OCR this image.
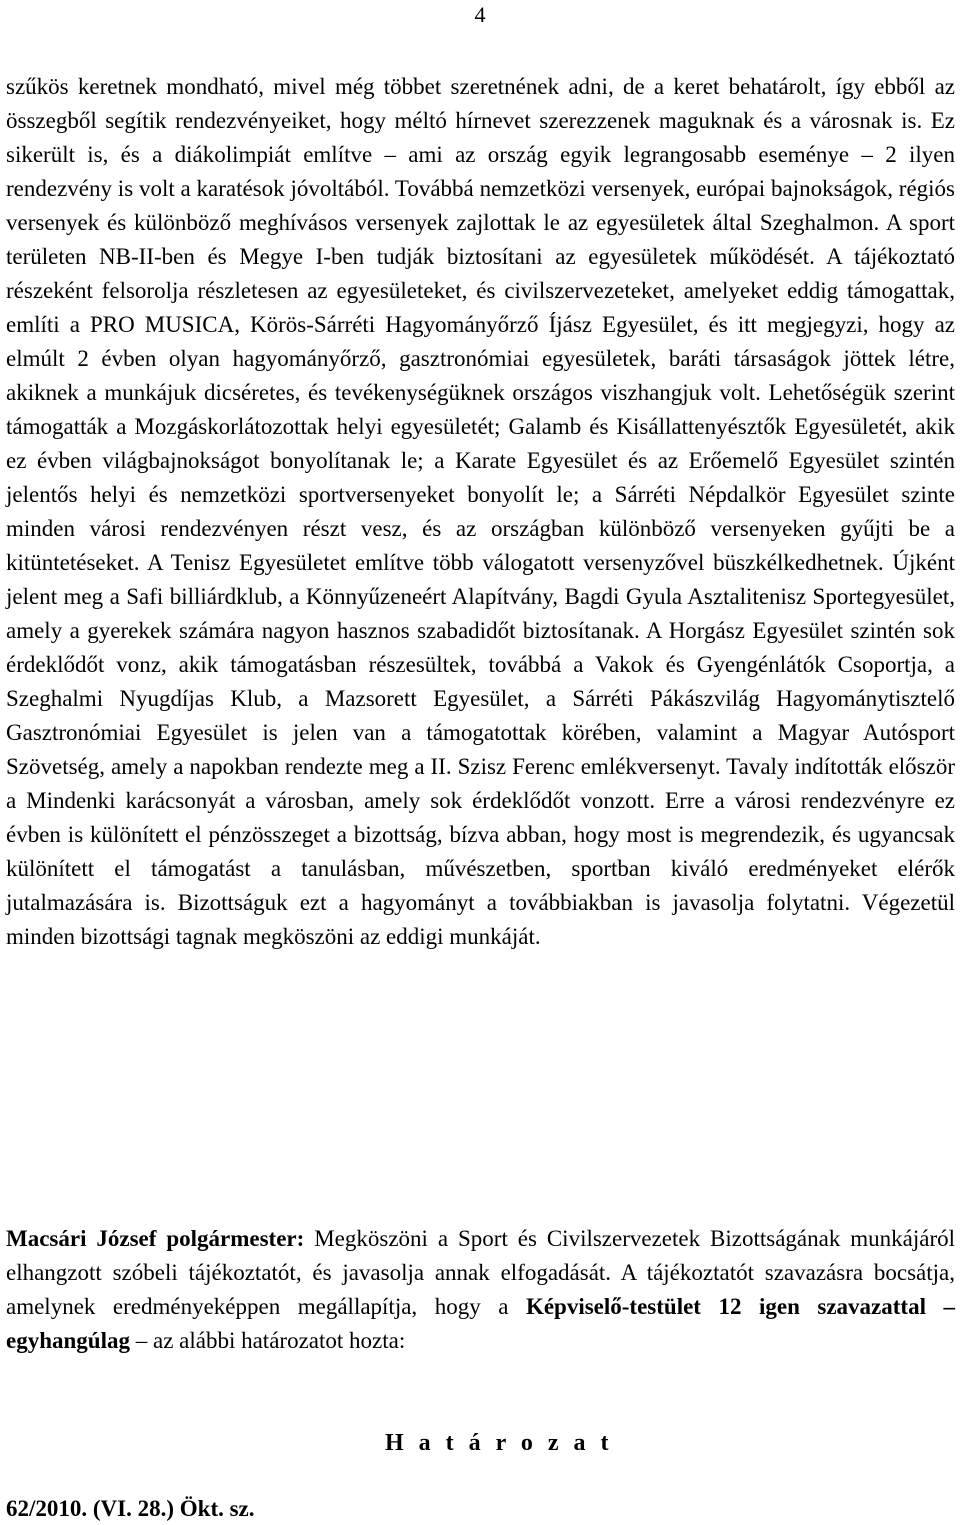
4

szűkös keretnek mondható, mivel még többet szeretnének adni, de a keret behatárolt, így ebből az összegből segítik rendezvényeiket, hogy méltó hírnevet szerezzenek maguknak és a városnak is. Ez sikerült is, és a diákolimpiát említve – ami az ország egyik legrangosabb eseménye – 2 ilyen rendezvény is volt a karatésok jóvoltából. Továbbá nemzetközi versenyek, európai bajnokságok, régiós versenyek és különböző meghívásos versenyek zajlottak le az egyesületek által Szeghalmon. A sport területen NB-II-ben és Megye I-ben tudják biztosítani az egyesületek működését. A tájékoztató részeként felsorolja részletesen az egyesületeket, és civilszervezeteket, amelyeket eddig támogattak, említi a PRO MUSICA, Körös-Sárréti Hagyományőrző Íjász Egyesület, és itt megjegyzi, hogy az elmúlt 2 évben olyan hagyományőrző, gasztronómiai egyesületek, baráti társaságok jöttek létre, akiknek a munkájuk dicséretes, és tevékenységüknek országos viszhangjuk volt. Lehetőségük szerint támogatták a Mozgáskorlátozottak helyi egyesületét; Galamb és Kisállattenyésztők Egyesületét, akik ez évben világbajnokságot bonyolítanak le; a Karate Egyesület és az Erőemelő Egyesület szintén jelentős helyi és nemzetközi sportversenyeket bonyolít le; a Sárréti Népdalkör Egyesület szinte minden városi rendezvényen részt vesz, és az országban különböző versenyeken gyűjti be a kitüntetéseket. A Tenisz Egyesületet említve több válogatott versenyzővel büszkélkedhetnek. Újként jelent meg a Safi billiárdklub, a Könnyűzeneért Alapítvány, Bagdi Gyula Asztalitenisz Sportegyesület, amely a gyerekek számára nagyon hasznos szabadidőt biztosítanak. A Horgász Egyesület szintén sok érdeklődőt vonz, akik támogatásban részesültek, továbbá a Vakok és Gyengénlátók Csoportja, a Szeghalmi Nyugdíjas Klub, a Mazsorett Egyesület, a Sárréti Pákászvilág Hagyománytisztelő Gasztronómiai Egyesület is jelen van a támogatottak körében, valamint a Magyar Autósport Szövetség, amely a napokban rendezte meg a II. Szisz Ferenc emlékversenyt. Tavaly indították először a Mindenki karácsonyát a városban, amely sok érdeklődőt vonzott. Erre a városi rendezvényre ez évben is különített el pénzösszeget a bizottság, bízva abban, hogy most is megrendezik, és ugyancsak különített el támogatást a tanulásban, művészetben, sportban kiváló eredményeket elérők jutalmazására is. Bizottságuk ezt a hagyományt a továbbiakban is javasolja folytatni. Végezetül minden bizottsági tagnak megköszöni az eddigi munkáját.

Macsári József polgármester: Megköszöni a Sport és Civilszervezetek Bizottságának munkájáról elhangzott szóbeli tájékoztatót, és javasolja annak elfogadását. A tájékoztatót szavazásra bocsátja, amelynek eredményeképpen megállapítja, hogy a Képviselő-testület 12 igen szavazattal – egyhangúlag – az alábbi határozatot hozta:

H a t á r o z a t
62/2010. (VI. 28.) Ökt. sz.
